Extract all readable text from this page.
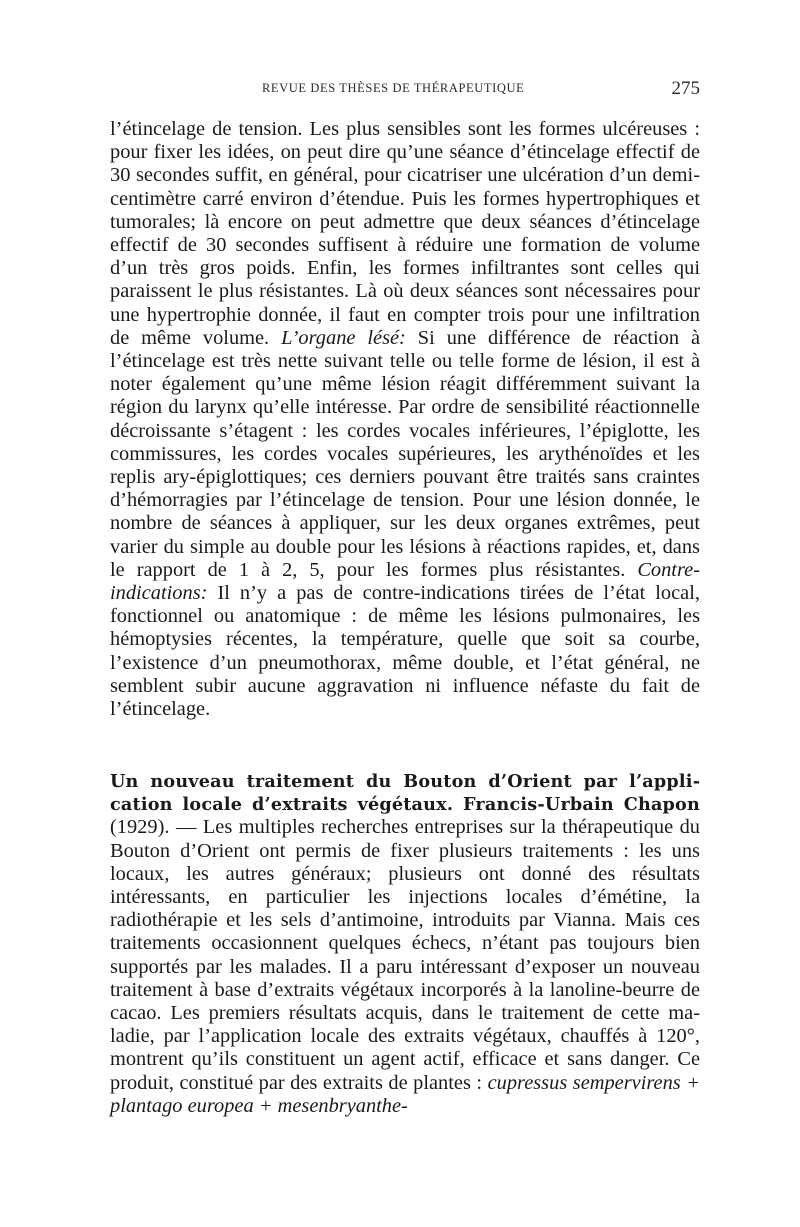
REVUE DES THÈSES DE THÉRAPEUTIQUE	275

l’étincelage de tension. Les plus sensibles sont les formes ulcéreuses : pour fixer les idées, on peut dire qu’une séance d’étincelage effectif de 30 secondes suffit, en général, pour cicatriser une ulcération d’un demi-centimètre carré environ d’étendue. Puis les formes hypertrophiques et tumorales; là encore on peut admettre que deux séances d’étincelage effectif de 30 secondes suffisent à réduire une formation de volume d’un très gros poids. Enfin, les formes infiltrantes sont celles qui paraissent le plus résistantes. Là où deux séances sont nécessaires pour une hypertrophie donnée, il faut en compter trois pour une infiltration de même volume. L’organe lésé: Si une différence de réaction à l’étincelage est très nette suivant telle ou telle forme de lésion, il est à noter également qu’une même lésion réagit différemment suivant la région du larynx qu’elle intéresse. Par ordre de sensibilité réactionnelle décroissante s’étagent : les cordes vocales inférieures, l’épiglotte, les commissures, les cordes vocales supérieures, les arythénoïdes et les replis ary-épiglottiques; ces derniers pouvant être traités sans craintes d’hémorragies par l’étincelage de tension. Pour une lésion donnée, le nombre de séances à appliquer, sur les deux organes extrêmes, peut varier du simple au double pour les lésions à réactions rapides, et, dans le rapport de 1 à 2, 5, pour les formes plus résistantes. Contre-indications: Il n’y a pas de contre-indications tirées de l’état local, fonctionnel ou anatomique : de même les lésions pulmonaires, les hémoptysies récentes, la température, quelle que soit sa courbe, l’existence d’un pneumothorax, même double, et l’état général, ne semblent subir aucune aggravation ni influence néfaste du fait de l’étincelage.

Un nouveau traitement du Bouton d’Orient par l’application locale d’extraits végétaux. Francis-Urbain Chapon (1929). — Les multiples recherches entreprises sur la thérapeutique du Bouton d’Orient ont permis de fixer plusieurs traitements : les uns locaux, les autres généraux; plusieurs ont donné des résultats intéressants, en particulier les injections locales d’émétine, la radiothérapie et les sels d’antimoine, introduits par Vianna. Mais ces traitements occasionnent quelques échecs, n’étant pas toujours bien supportés par les malades. Il a paru intéressant d’exposer un nouveau traitement à base d’extraits végétaux incorporés à la lanoline-beurre de cacao. Les premiers résultats acquis, dans le traitement de cette maladie, par l’application locale des extraits végétaux, chauffés à 120°, montrent qu’ils constituent un agent actif, efficace et sans danger. Ce produit, constitué par des extraits de plantes : cupressus sempervirens + plantago europea + mesenbryanthe-
